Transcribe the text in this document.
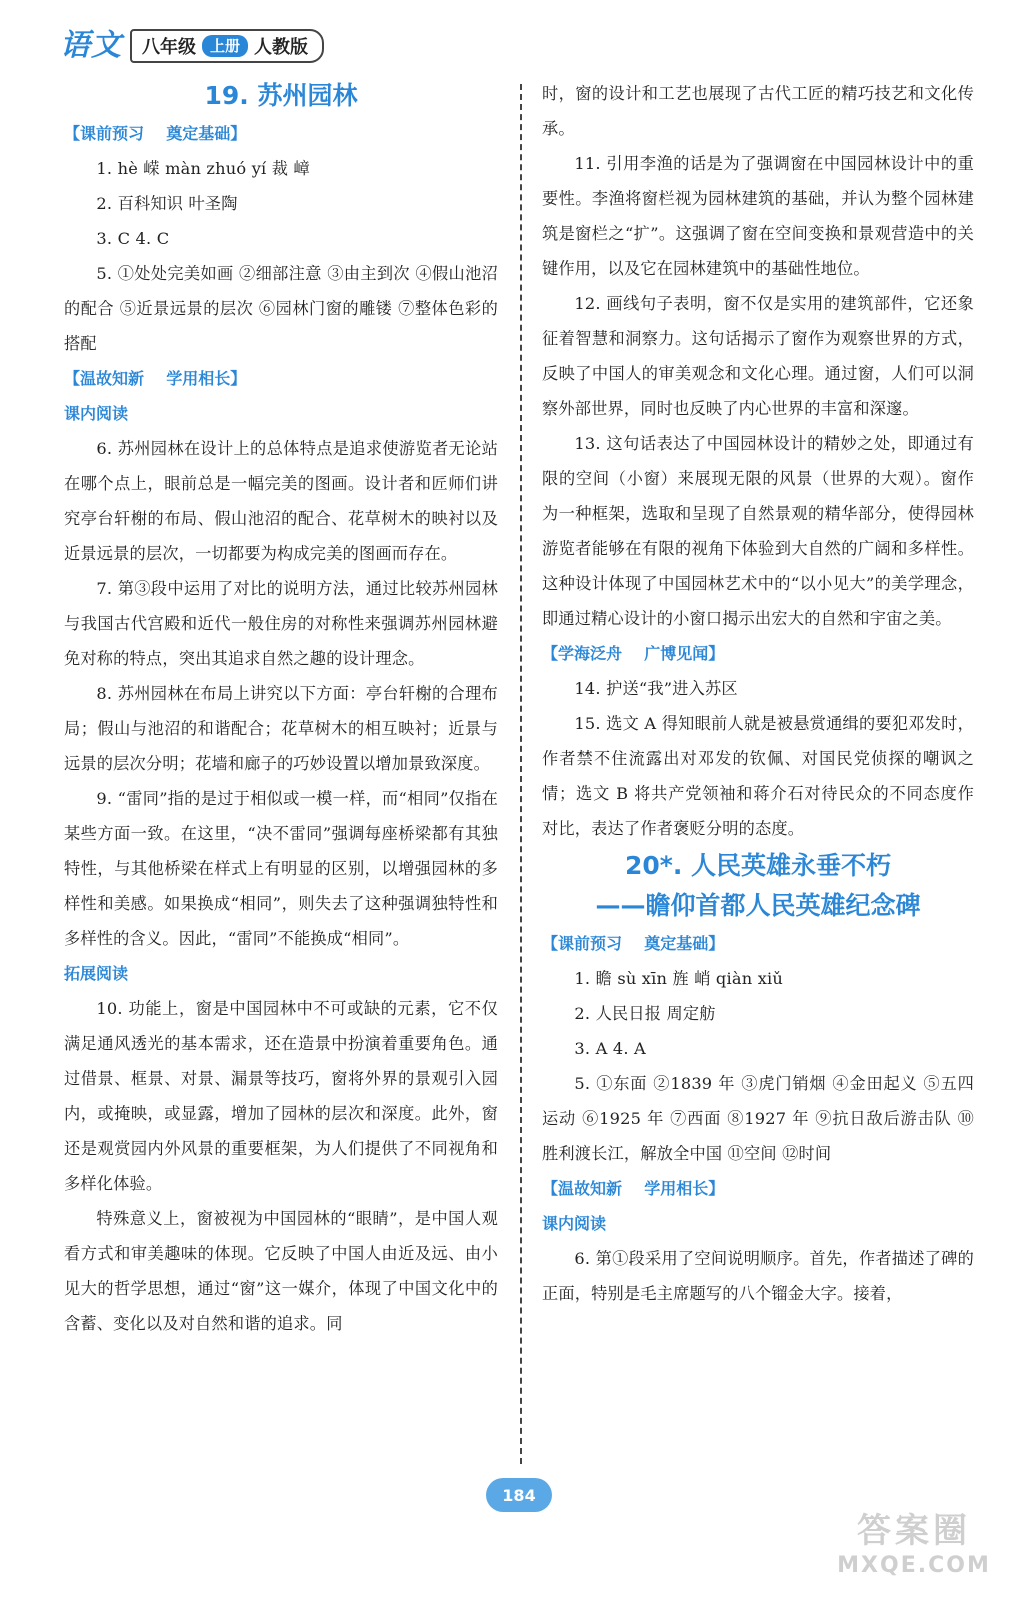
语文 八年级 上册 人教版
19. 苏州园林
【课前预习    奠定基础】

1. hè 嵘 màn zhuó yí 裁 嶂

2. 百科知识 叶圣陶

3. C 4. C

5. ①处处完美如画 ②细部注意 ③由主到次 ④假山池沼的配合 ⑤近景远景的层次 ⑥园林门窗的雕镂 ⑦整体色彩的搭配

【温故知新    学用相长】
课内阅读

6. 苏州园林在设计上的总体特点是追求使游览者无论站在哪个点上，眼前总是一幅完美的图画。设计者和匠师们讲究亭台轩榭的布局、假山池沼的配合、花草树木的映衬以及近景远景的层次，一切都要为构成完美的图画而存在。

7. 第③段中运用了对比的说明方法，通过比较苏州园林与我国古代宫殿和近代一般住房的对称性来强调苏州园林避免对称的特点，突出其追求自然之趣的设计理念。

8. 苏州园林在布局上讲究以下方面：亭台轩榭的合理布局；假山与池沼的和谐配合；花草树木的相互映衬；近景与远景的层次分明；花墙和廊子的巧妙设置以增加景致深度。

9. “雷同”指的是过于相似或一模一样，而“相同”仅指在某些方面一致。在这里，“决不雷同”强调每座桥梁都有其独特性，与其他桥梁在样式上有明显的区别，以增强园林的多样性和美感。如果换成“相同”，则失去了这种强调独特性和多样性的含义。因此，“雷同”不能换成“相同”。

拓展阅读

10. 功能上，窗是中国园林中不可或缺的元素，它不仅满足通风透光的基本需求，还在造景中扮演着重要角色。通过借景、框景、对景、漏景等技巧，窗将外界的景观引入园内，或掩映，或显露，增加了园林的层次和深度。此外，窗还是观赏园内外风景的重要框架，为人们提供了不同视角和多样化体验。

特殊意义上，窗被视为中国园林的“眼睛”，是中国人观看方式和审美趣味的体现。它反映了中国人由近及远、由小见大的哲学思想，通过“窗”这一媒介，体现了中国文化中的含蓄、变化以及对自然和谐的追求。同

时，窗的设计和工艺也展现了古代工匠的精巧技艺和文化传承。

11. 引用李渔的话是为了强调窗在中国园林设计中的重要性。李渔将窗栏视为园林建筑的基础，并认为整个园林建筑是窗栏之“扩”。这强调了窗在空间变换和景观营造中的关键作用，以及它在园林建筑中的基础性地位。

12. 画线句子表明，窗不仅是实用的建筑部件，它还象征着智慧和洞察力。这句话揭示了窗作为观察世界的方式，反映了中国人的审美观念和文化心理。通过窗，人们可以洞察外部世界，同时也反映了内心世界的丰富和深邃。

13. 这句话表达了中国园林设计的精妙之处，即通过有限的空间（小窗）来展现无限的风景（世界的大观）。窗作为一种框架，选取和呈现了自然景观的精华部分，使得园林游览者能够在有限的视角下体验到大自然的广阔和多样性。这种设计体现了中国园林艺术中的“以小见大”的美学理念，即通过精心设计的小窗口揭示出宏大的自然和宇宙之美。

【学海泛舟    广博见闻】

14. 护送“我”进入苏区

15. 选文 A 得知眼前人就是被悬赏通缉的要犯邓发时，作者禁不住流露出对邓发的钦佩、对国民党侦探的嘲讽之情；选文 B 将共产党领袖和蒋介石对待民众的不同态度作对比，表达了作者褒贬分明的态度。

20*. 人民英雄永垂不朽
——瞻仰首都人民英雄纪念碑
【课前预习    奠定基础】

1. 瞻 sù xīn 旌 峭 qiàn xiǔ

2. 人民日报 周定舫

3. A 4. A

5. ①东面 ②1839 年 ③虎门销烟 ④金田起义 ⑤五四运动 ⑥1925 年 ⑦西面 ⑧1927 年 ⑨抗日敌后游击队 ⑩胜利渡长江，解放全中国 ⑪空间 ⑫时间

【温故知新    学用相长】
课内阅读

6. 第①段采用了空间说明顺序。首先，作者描述了碑的正面，特别是毛主席题写的八个镏金大字。接着，

184
答案圈
MXQE.COM
